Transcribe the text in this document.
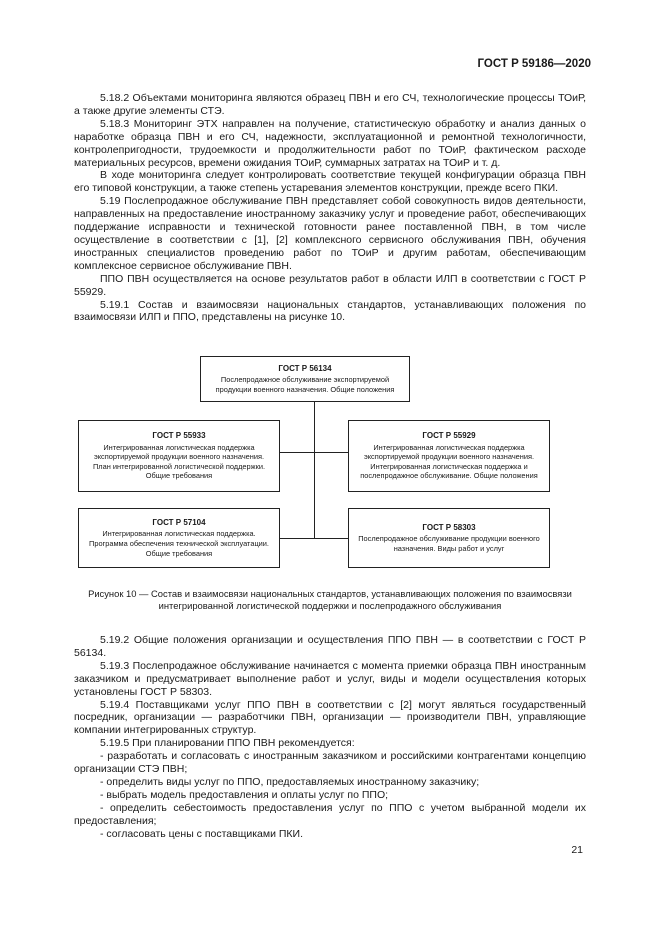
ГОСТ Р 59186—2020

5.18.2 Объектами мониторинга являются образец ПВН и его СЧ, технологические процессы ТОиР, а также другие элементы СТЭ.

5.18.3 Мониторинг ЭТХ направлен на получение, статистическую обработку и анализ данных о наработке образца ПВН и его СЧ, надежности, эксплуатационной и ремонтной технологичности, контролепригодности, трудоемкости и продолжительности работ по ТОиР, фактическом расходе материальных ресурсов, времени ожидания ТОиР, суммарных затратах на ТОиР и т. д.

В ходе мониторинга следует контролировать соответствие текущей конфигурации образца ПВН его типовой конструкции, а также степень устаревания элементов конструкции, прежде всего ПКИ.

5.19 Послепродажное обслуживание ПВН представляет собой совокупность видов деятельности, направленных на предоставление иностранному заказчику услуг и проведение работ, обеспечивающих поддержание исправности и технической готовности ранее поставленной ПВН, в том числе осуществление в соответствии с [1], [2] комплексного сервисного обслуживания ПВН, обучения иностранных специалистов проведению работ по ТОиР и другим работам, обеспечивающим комплексное сервисное обслуживание ПВН.

ППО ПВН осуществляется на основе результатов работ в области ИЛП в соответствии с ГОСТ Р 55929.

5.19.1 Состав и взаимосвязи национальных стандартов, устанавливающих положения по взаимосвязи ИЛП и ППО, представлены на рисунке 10.

ГОСТ Р 56134
Послепродажное обслуживание экспортируемой продукции военного назначения. Общие положения
ГОСТ Р 55933
Интегрированная логистическая поддержка экспортируемой продукции военного назначения. План интегрированной логистической поддержки. Общие требования
ГОСТ Р 55929
Интегрированная логистическая поддержка экспортируемой продукции военного назначения. Интегрированная логистическая поддержка и послепродажное обслуживание. Общие положения
ГОСТ Р 57104
Интегрированная логистическая поддержка. Программа обеспечения технической эксплуатации. Общие требования
ГОСТ Р 58303
Послепродажное обслуживание продукции военного назначения. Виды работ и услуг
Рисунок 10 — Состав и взаимосвязи национальных стандартов, устанавливающих положения по взаимосвязи интегрированной логистической поддержки и послепродажного обслуживания

5.19.2 Общие положения организации и осуществления ППО ПВН — в соответствии с ГОСТ Р 56134.

5.19.3 Послепродажное обслуживание начинается с момента приемки образца ПВН иностранным заказчиком и предусматривает выполнение работ и услуг, виды и модели осуществления которых установлены ГОСТ Р 58303.

5.19.4 Поставщиками услуг ППО ПВН в соответствии с [2] могут являться государственный посредник, организации — разработчики ПВН, организации — производители ПВН, управляющие компании интегрированных структур.

5.19.5 При планировании ППО ПВН рекомендуется:

- разработать и согласовать с иностранным заказчиком и российскими контрагентами концепцию организации СТЭ ПВН;

- определить виды услуг по ППО, предоставляемых иностранному заказчику;

- выбрать модель предоставления и оплаты услуг по ППО;

- определить себестоимость предоставления услуг по ППО с учетом выбранной модели их предоставления;

- согласовать цены с поставщиками ПКИ.

21
